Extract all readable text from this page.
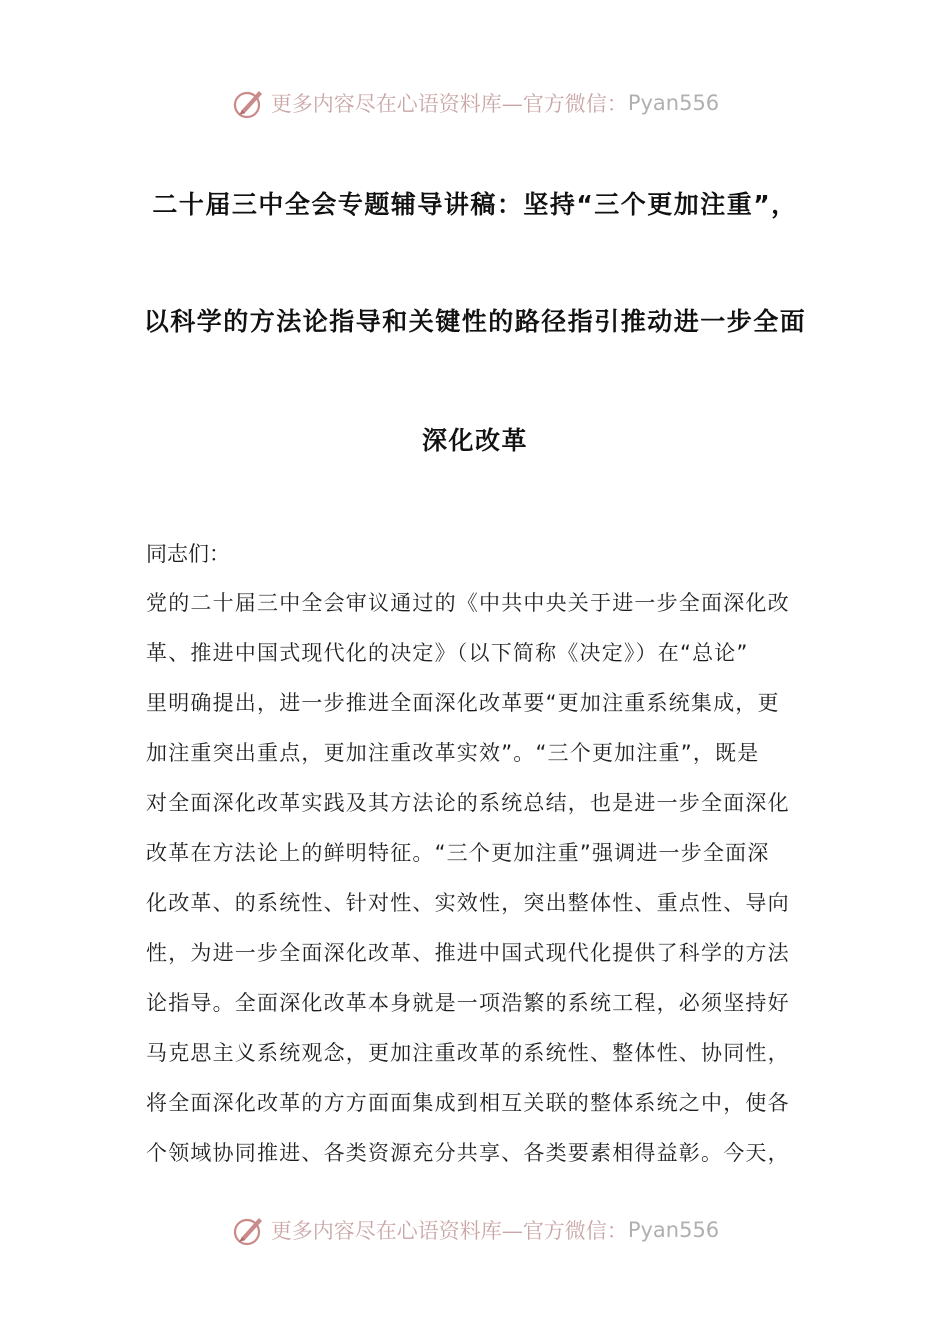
更多内容尽在心语资料库—官方微信： Pyan556
二十届三中全会专题辅导讲稿：坚持“三个更加注重”，
以科学的方法论指导和关键性的路径指引推动进一步全面
深化改革
同志们：
党的二十届三中全会审议通过的《中共中央关于进一步全面深化改
革、推进中国式现代化的决定》（以下简称《决定》）在“总论”
里明确提出，进一步推进全面深化改革要“更加注重系统集成，更
加注重突出重点，更加注重改革实效”。“三个更加注重”，既是
对全面深化改革实践及其方法论的系统总结，也是进一步全面深化
改革在方法论上的鲜明特征。“三个更加注重”强调进一步全面深
化改革、的系统性、针对性、实效性，突出整体性、重点性、导向
性，为进一步全面深化改革、推进中国式现代化提供了科学的方法
论指导。全面深化改革本身就是一项浩繁的系统工程，必须坚持好
马克思主义系统观念，更加注重改革的系统性、整体性、协同性，
将全面深化改革的方方面面集成到相互关联的整体系统之中，使各
个领域协同推进、各类资源充分共享、各类要素相得益彰。今天，
更多内容尽在心语资料库—官方微信： Pyan556
